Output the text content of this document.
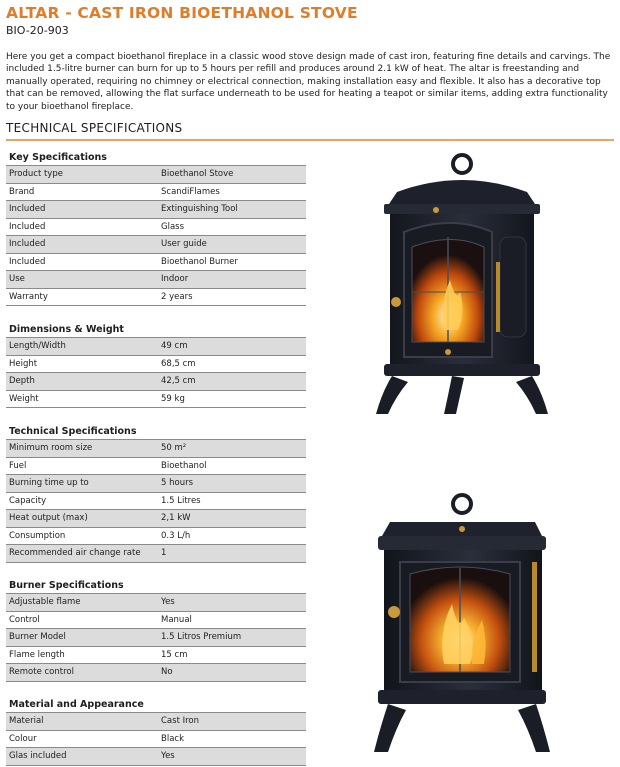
ALTAR - CAST IRON BIOETHANOL STOVE
BIO-20-903

Here you get a compact bioethanol fireplace in a classic wood stove design made of cast iron, featuring fine details and carvings. The included 1.5-litre burner can burn for up to 5 hours per refill and produces around 2.1 kW of heat. The altar is freestanding and manually operated, requiring no chimney or electrical connection, making installation easy and flexible. It also has a decorative top that can be removed, allowing the flat surface underneath to be used for heating a teapot or similar items, adding extra functionality to your bioethanol fireplace.

TECHNICAL SPECIFICATIONS
Key Specifications
Product type	Bioethanol Stove
Brand	ScandiFlames
Included	Extinguishing Tool
Included	Glass
Included	User guide
Included	Bioethanol Burner
Use	Indoor
Warranty	2 years
Dimensions & Weight
Length/Width	49 cm
Height	68,5 cm
Depth	42,5 cm
Weight	59 kg
Technical Specifications
Minimum room size	50 m²
Fuel	Bioethanol
Burning time up to	5 hours
Capacity	1.5 Litres
Heat output (max)	2,1 kW
Consumption	0.3 L/h
Recommended air change rate	1
Burner Specifications
Adjustable flame	Yes
Control	Manual
Burner Model	1.5 Litros Premium
Flame length	15 cm
Remote control	No
Material and Appearance
Material	Cast Iron
Colour	Black
Glas included	Yes
